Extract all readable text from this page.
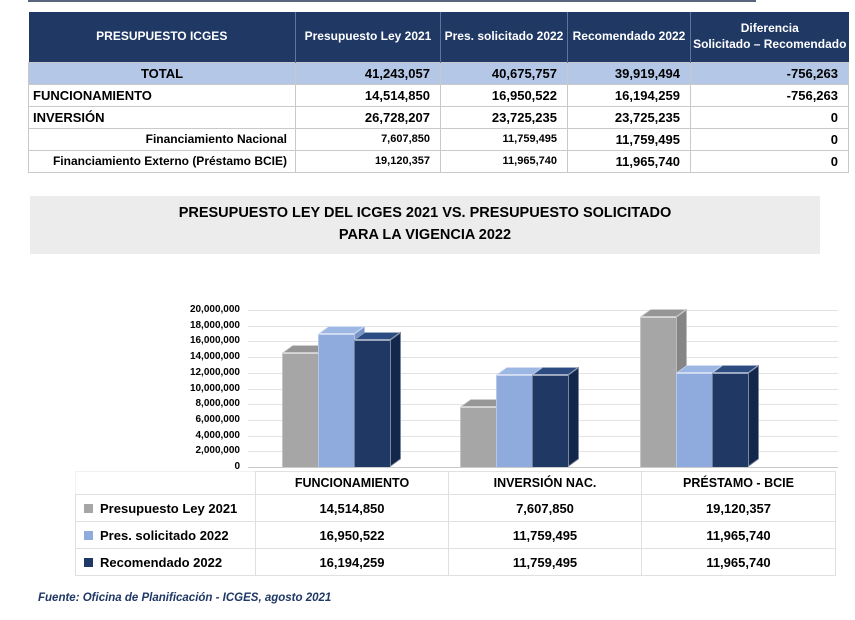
PRESUPUESTO ICGES	Presupuesto Ley 2021	Pres. solicitado 2022	Recomendado 2022	Diferencia
Solicitado – Recomendado

TOTAL	41,243,057	40,675,757	39,919,494	-756,263
FUNCIONAMIENTO	14,514,850	16,950,522	16,194,259	-756,263
INVERSIÓN	26,728,207	23,725,235	23,725,235	0
Financiamiento Nacional	7,607,850	11,759,495	11,759,495	0
Financiamiento Externo (Préstamo BCIE)	19,120,357	11,965,740	11,965,740	0
PRESUPUESTO LEY DEL ICGES 2021 VS. PRESUPUESTO SOLICITADO
PARA LA VIGENCIA 2022
20,000,000
18,000,000
16,000,000
14,000,000
12,000,000
10,000,000
8,000,000
6,000,000
4,000,000
2,000,000
0
	FUNCIONAMIENTO	INVERSIÓN NAC.	PRÉSTAMO - BCIE
Presupuesto Ley 2021	14,514,850	7,607,850	19,120,357
Pres. solicitado 2022	16,950,522	11,759,495	11,965,740
Recomendado 2022	16,194,259	11,759,495	11,965,740
Fuente: Oficina de Planificación - ICGES, agosto 2021
